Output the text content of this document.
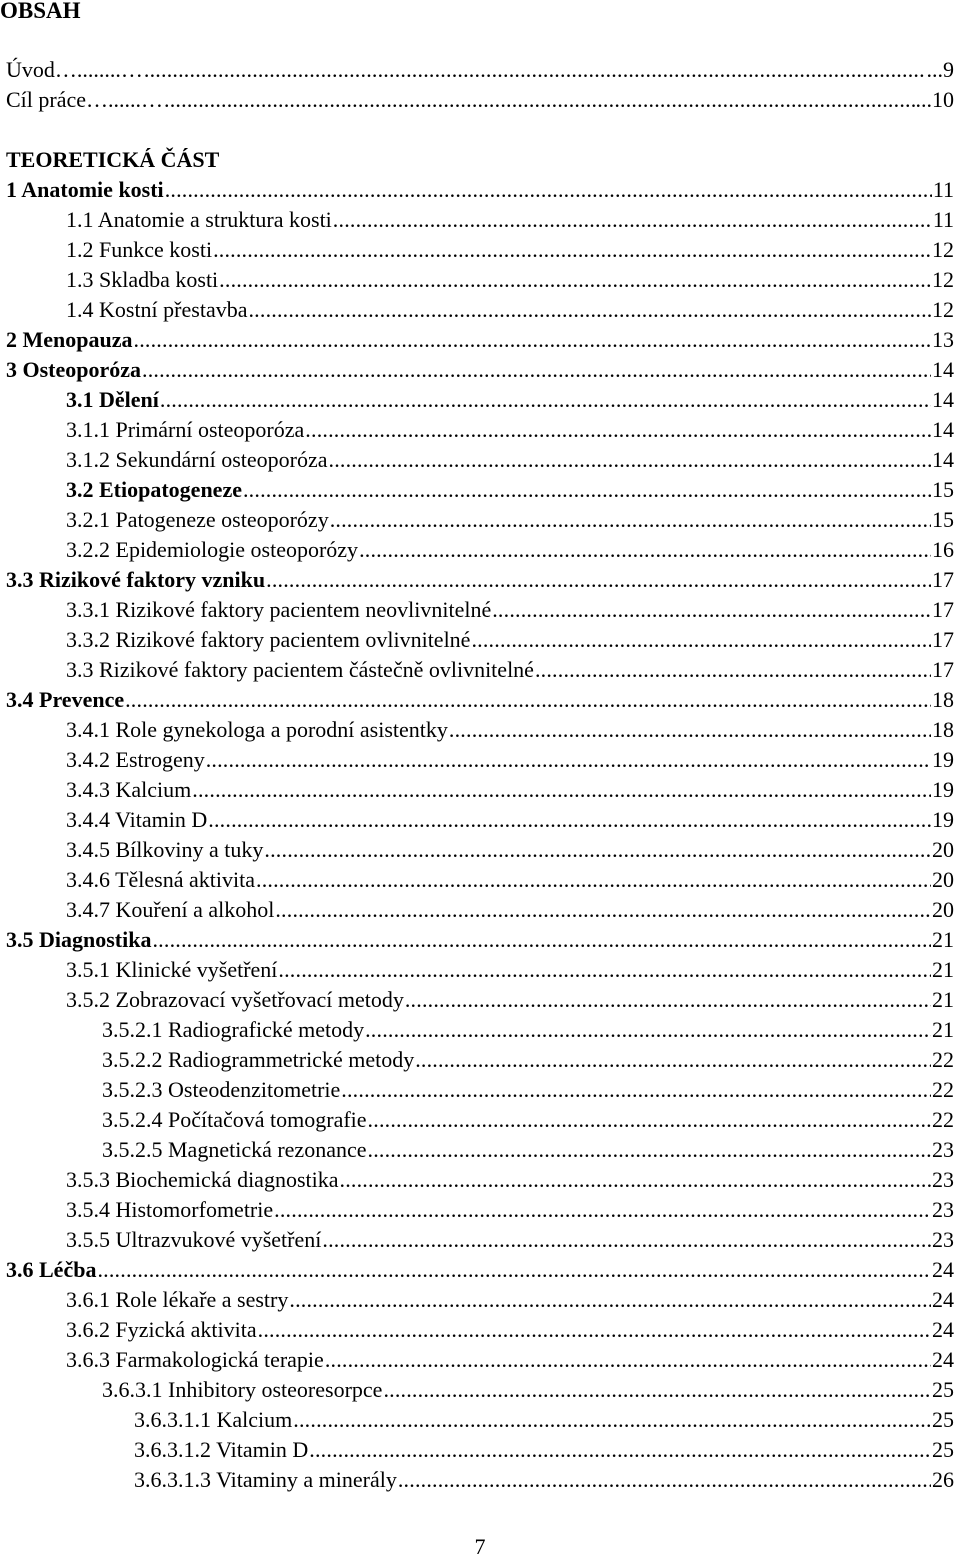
OBSAH
TEORETICKÁ ČÁST
Úvod …........… .....	...9
Cíl práce …......… .....	...10
1 Anatomie kosti .....	11
1.1 Anatomie a struktura kosti .....	11
1.2 Funkce kosti .....	12
1.3 Skladba kosti .....	12
1.4 Kostní přestavba .....	12
2 Menopauza .....	13
3 Osteoporóza .....	14
3.1 Dělení .....	14
3.1.1 Primární osteoporóza .....	14
3.1.2 Sekundární osteoporóza .....	14
3.2 Etiopatogeneze .....	15
3.2.1 Patogeneze osteoporózy .....	15
3.2.2 Epidemiologie osteoporózy .....	16
3.3 Rizikové faktory vzniku .....	17
3.3.1 Rizikové faktory pacientem neovlivnitelné .....	17
3.3.2 Rizikové faktory pacientem ovlivnitelné .....	17
3.3 Rizikové faktory pacientem částečně ovlivnitelné .....	17
3.4 Prevence .....	18
3.4.1 Role gynekologa a porodní asistentky .....	18
3.4.2 Estrogeny .....	19
3.4.3 Kalcium .....	19
3.4.4 Vitamin D .....	19
3.4.5 Bílkoviny a tuky .....	20
3.4.6 Tělesná aktivita .....	20
3.4.7 Kouření a alkohol .....	20
3.5 Diagnostika .....	21
3.5.1 Klinické vyšetření .....	21
3.5.2 Zobrazovací vyšetřovací metody .....	21
3.5.2.1 Radiografické metody .....	21
3.5.2.2 Radiogrammetrické metody .....	22
3.5.2.3 Osteodenzitometrie .....	22
3.5.2.4 Počítačová tomografie .....	22
3.5.2.5 Magnetická rezonance .....	23
3.5.3 Biochemická diagnostika .....	23
3.5.4 Histomorfometrie .....	23
3.5.5 Ultrazvukové vyšetření .....	23
3.6 Léčba .....	24
3.6.1 Role lékaře a sestry .....	24
3.6.2 Fyzická aktivita .....	24
3.6.3 Farmakologická terapie .....	24
3.6.3.1 Inhibitory osteoresorpce .....	25
3.6.3.1.1 Kalcium .....	25
3.6.3.1.2 Vitamin D .....	25
3.6.3.1.3 Vitaminy a minerály .....	26
7
